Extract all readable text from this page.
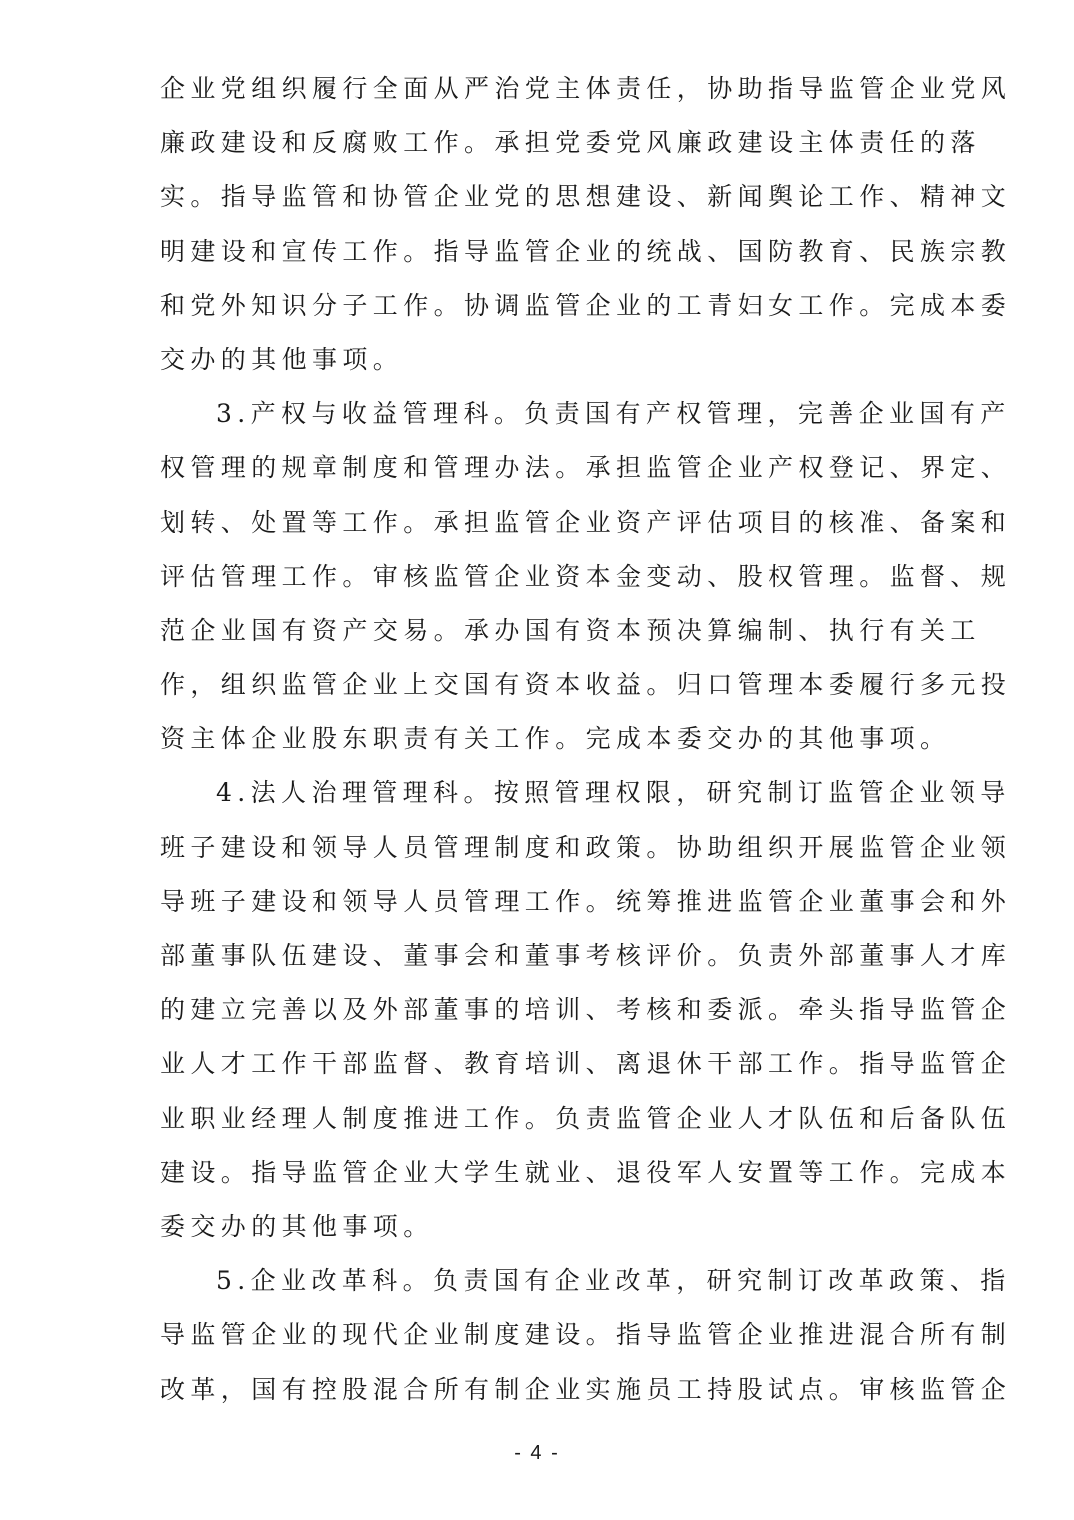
企业党组织履行全面从严治党主体责任，协助指导监管企业党风
廉政建设和反腐败工作。承担党委党风廉政建设主体责任的落
实。指导监管和协管企业党的思想建设、新闻舆论工作、精神文
明建设和宣传工作。指导监管企业的统战、国防教育、民族宗教
和党外知识分子工作。协调监管企业的工青妇女工作。完成本委
交办的其他事项。
3.产权与收益管理科。负责国有产权管理，完善企业国有产
权管理的规章制度和管理办法。承担监管企业产权登记、界定、
划转、处置等工作。承担监管企业资产评估项目的核准、备案和
评估管理工作。审核监管企业资本金变动、股权管理。监督、规
范企业国有资产交易。承办国有资本预决算编制、执行有关工
作，组织监管企业上交国有资本收益。归口管理本委履行多元投
资主体企业股东职责有关工作。完成本委交办的其他事项。
4.法人治理管理科。按照管理权限，研究制订监管企业领导
班子建设和领导人员管理制度和政策。协助组织开展监管企业领
导班子建设和领导人员管理工作。统筹推进监管企业董事会和外
部董事队伍建设、董事会和董事考核评价。负责外部董事人才库
的建立完善以及外部董事的培训、考核和委派。牵头指导监管企
业人才工作干部监督、教育培训、离退休干部工作。指导监管企
业职业经理人制度推进工作。负责监管企业人才队伍和后备队伍
建设。指导监管企业大学生就业、退役军人安置等工作。完成本
委交办的其他事项。
5.企业改革科。负责国有企业改革，研究制订改革政策、指
导监管企业的现代企业制度建设。指导监管企业推进混合所有制
改革，国有控股混合所有制企业实施员工持股试点。审核监管企
- 4 -
